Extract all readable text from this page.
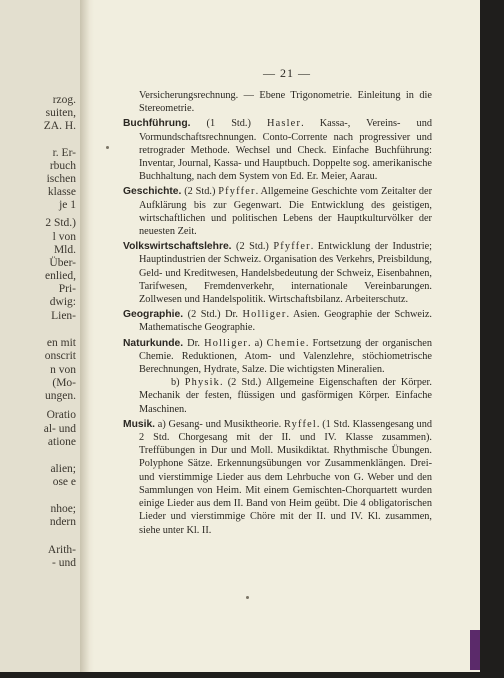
rzog.
suiten,
ZA. H.
r. Er-
rbuch
ischen
klasse
je 1
2 Std.)
l von
Mld.
Über-
enlied,
Pri-
dwig:
Lien-
en mit
onscrit
n von
(Mo-
ungen.
Oratio
al- und
atione
alien;
ose e
nhoe;
ndern
Arith-
- und
— 21 —

Versicherungsrechnung. — Ebene Trigonometrie. Einleitung in die Stereometrie.

Buchführung. (1 Std.) Hasler. Kassa-, Vereins- und Vormundschaftsrechnungen. Conto-Corrente nach progressiver und retrograder Methode. Wechsel und Check. Einfache Buchführung: Inventar, Journal, Kassa- und Hauptbuch. Doppelte sog. amerikanische Buchhaltung, nach dem System von Ed. Er. Meier, Aarau.

Geschichte. (2 Std.) Pfyffer. Allgemeine Geschichte vom Zeitalter der Aufklärung bis zur Gegenwart. Die Entwicklung des geistigen, wirtschaftlichen und politischen Lebens der Hauptkulturvölker der neuesten Zeit.

Volkswirtschaftslehre. (2 Std.) Pfyffer. Entwicklung der Industrie; Hauptindustrien der Schweiz. Organisation des Verkehrs, Preisbildung, Geld- und Kreditwesen, Handelsbedeutung der Schweiz, Eisenbahnen, Tarifwesen, Fremdenverkehr, internationale Vereinbarungen. Zollwesen und Handelspolitik. Wirtschaftsbilanz. Arbeiterschutz.

Geographie. (2 Std.) Dr. Holliger. Asien. Geographie der Schweiz. Mathematische Geographie.

Naturkunde. Dr. Holliger. a) Chemie. Fortsetzung der organischen Chemie. Reduktionen, Atom- und Valenzlehre, stöchiometrische Berechnungen, Hydrate, Salze. Die wichtigsten Mineralien.

b) Physik. (2 Std.) Allgemeine Eigenschaften der Körper. Mechanik der festen, flüssigen und gasförmigen Körper. Einfache Maschinen.

Musik. a) Gesang- und Musiktheorie. Ryffel. (1 Std. Klassengesang und 2 Std. Chorgesang mit der II. und IV. Klasse zusammen). Treffübungen in Dur und Moll. Musikdiktat. Rhythmische Übungen. Polyphone Sätze. Erkennungsübungen vor Zusammenklängen. Drei- und vierstimmige Lieder aus dem Lehrbuche von G. Weber und den Sammlungen von Heim. Mit einem Gemischten-Chorquartett wurden einige Lieder aus dem II. Band von Heim geübt. Die 4 obligatorischen Lieder und vierstimmige Chöre mit der II. und IV. Kl. zusammen, siehe unter Kl. II.
